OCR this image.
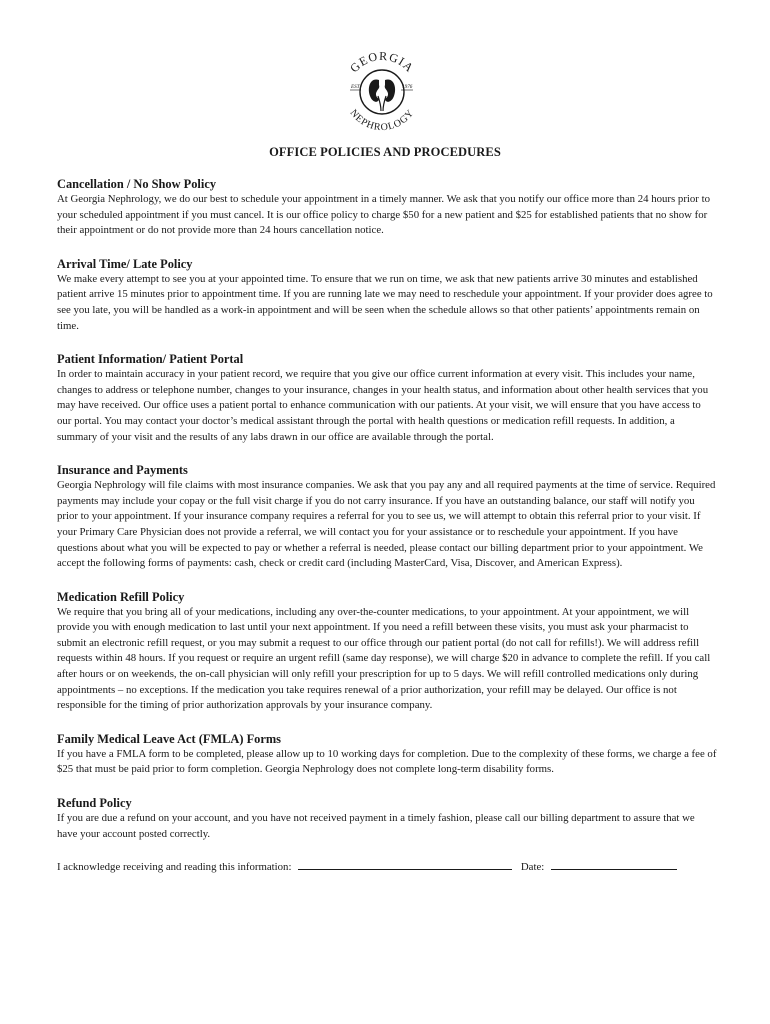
GEORGIA
NEPHROLOGY
EST	1976
OFFICE POLICIES AND PROCEDURES

Cancellation / No Show Policy

At Georgia Nephrology, we do our best to schedule your appointment in a timely manner. We ask that you notify our office more than 24 hours prior to your scheduled appointment if you must cancel. It is our office policy to charge $50 for a new patient and $25 for established patients that no show for their appointment or do not provide more than 24 hours cancellation notice.

Arrival Time/ Late Policy

We make every attempt to see you at your appointed time. To ensure that we run on time, we ask that new patients arrive 30 minutes and established patient arrive 15 minutes prior to appointment time. If you are running late we may need to reschedule your appointment. If your provider does agree to see you late, you will be handled as a work-in appointment and will be seen when the schedule allows so that other patients’ appointments remain on time.

Patient Information/ Patient Portal

In order to maintain accuracy in your patient record, we require that you give our office current information at every visit. This includes your name, changes to address or telephone number, changes to your insurance, changes in your health status, and information about other health services that you may have received. Our office uses a patient portal to enhance communication with our patients. At your visit, we will ensure that you have access to our portal. You may contact your doctor’s medical assistant through the portal with health questions or medication refill requests. In addition, a summary of your visit and the results of any labs drawn in our office are available through the portal.

Insurance and Payments

Georgia Nephrology will file claims with most insurance companies. We ask that you pay any and all required payments at the time of service. Required payments may include your copay or the full visit charge if you do not carry insurance. If you have an outstanding balance, our staff will notify you prior to your appointment. If your insurance company requires a referral for you to see us, we will attempt to obtain this referral prior to your visit. If your Primary Care Physician does not provide a referral, we will contact you for your assistance or to reschedule your appointment. If you have questions about what you will be expected to pay or whether a referral is needed, please contact our billing department prior to your appointment. We accept the following forms of payments: cash, check or credit card (including MasterCard, Visa, Discover, and American Express).

Medication Refill Policy

We require that you bring all of your medications, including any over-the-counter medications, to your appointment. At your appointment, we will provide you with enough medication to last until your next appointment. If you need a refill between these visits, you must ask your pharmacist to submit an electronic refill request, or you may submit a request to our office through our patient portal (do not call for refills!). We will address refill requests within 48 hours. If you request or require an urgent refill (same day response), we will charge $20 in advance to complete the refill. If you call after hours or on weekends, the on-call physician will only refill your prescription for up to 5 days. We will refill controlled medications only during appointments – no exceptions. If the medication you take requires renewal of a prior authorization, your refill may be delayed. Our office is not responsible for the timing of prior authorization approvals by your insurance company.

Family Medical Leave Act (FMLA) Forms

If you have a FMLA form to be completed, please allow up to 10 working days for completion. Due to the complexity of these forms, we charge a fee of $25 that must be paid prior to form completion. Georgia Nephrology does not complete long-term disability forms.

Refund Policy

If you are due a refund on your account, and you have not received payment in a timely fashion, please call our billing department to assure that we have your account posted correctly.

I acknowledge receiving and reading this information:	Date:
